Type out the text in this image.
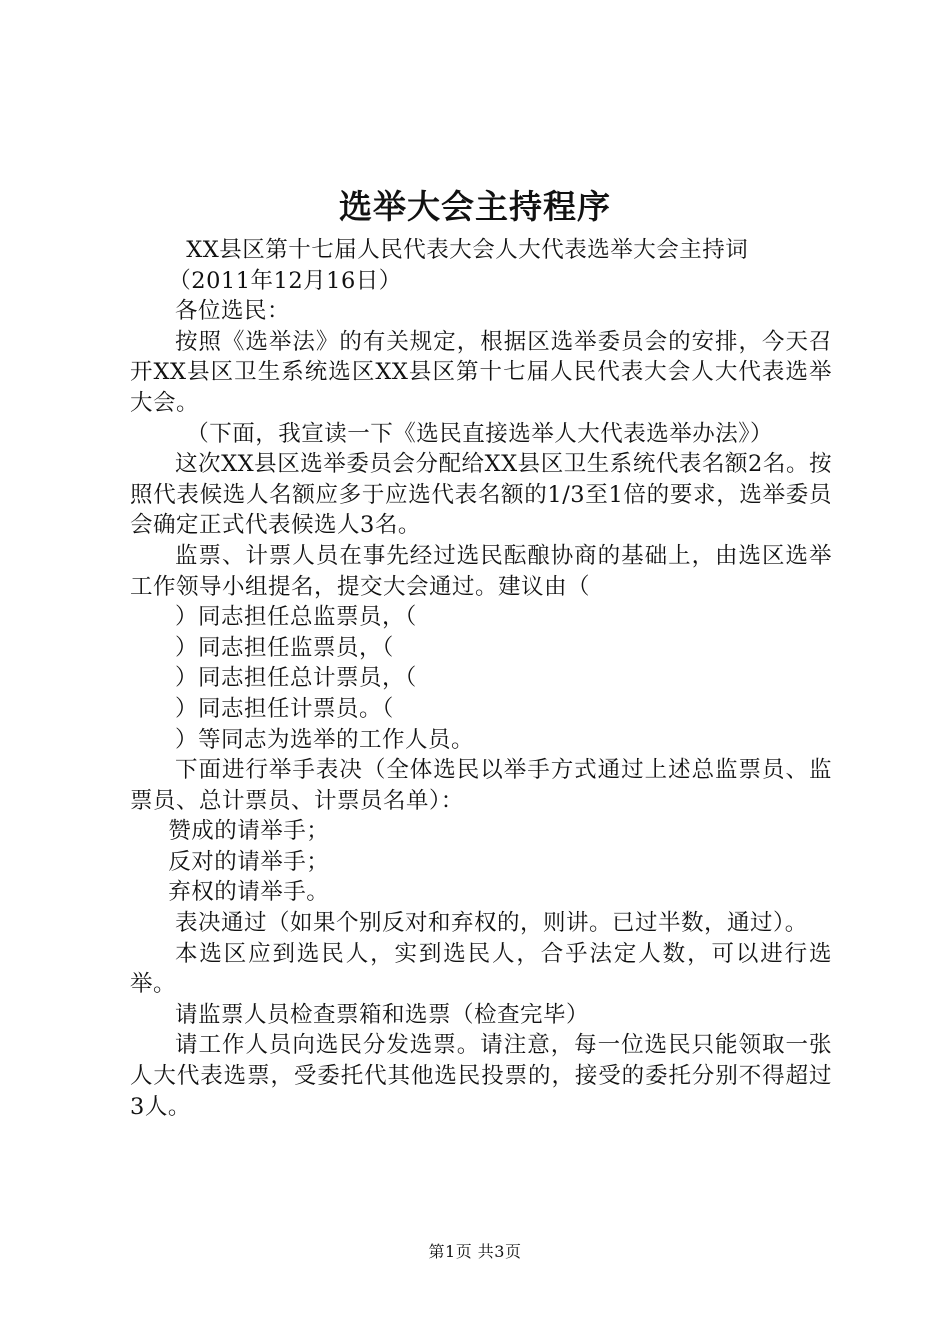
选举大会主持程序

XX县区第十七届人民代表大会人大代表选举大会主持词

（2011年12月16日）

各位选民：

按照《选举法》的有关规定，根据区选举委员会的安排，今天召开XX县区卫生系统选区XX县区第十七届人民代表大会人大代表选举大会。

（下面，我宣读一下《选民直接选举人大代表选举办法》）

这次XX县区选举委员会分配给XX县区卫生系统代表名额2名。按照代表候选人名额应多于应选代表名额的1/3至1倍的要求，选举委员会确定正式代表候选人3名。

监票、计票人员在事先经过选民酝酿协商的基础上，由选区选举工作领导小组提名，提交大会通过。建议由（

）同志担任总监票员，（

）同志担任监票员，（

）同志担任总计票员，（

）同志担任计票员。（

）等同志为选举的工作人员。

下面进行举手表决（全体选民以举手方式通过上述总监票员、监票员、总计票员、计票员名单）：

赞成的请举手；

反对的请举手；

弃权的请举手。

表决通过（如果个别反对和弃权的，则讲。已过半数，通过）。

本选区应到选民人，实到选民人，合乎法定人数，可以进行选举。

请监票人员检查票箱和选票（检查完毕）

请工作人员向选民分发选票。请注意，每一位选民只能领取一张人大代表选票，受委托代其他选民投票的，接受的委托分别不得超过3人。

第1页 共3页
